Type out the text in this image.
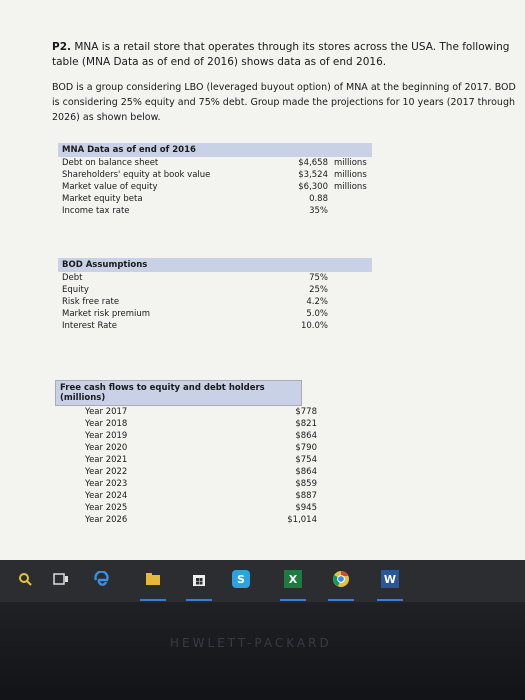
P2. MNA is a retail store that operates through its stores across the USA. The following table (MNA Data as of end of 2016) shows data as of end 2016.
BOD is a group considering LBO (leveraged buyout option) of MNA at the beginning of 2017. BOD is considering 25% equity and 75% debt. Group made the projections for 10 years (2017 through 2026) as shown below.
MNA Data as of end of 2016
Debt on balance sheet	$4,658 millions
Shareholders' equity at book value	$3,524 millions
Market value of equity	$6,300 millions
Market equity beta	0.88
Income tax rate	35%
BOD Assumptions
Debt	75%
Equity	25%
Risk free rate	4.2%
Market risk premium	5.0%
Interest Rate	10.0%
Free cash flows to equity and debt holders (millions)
Year 2017	$778
Year 2018	$821
Year 2019	$864
Year 2020	$790
Year 2021	$754
Year 2022	$864
Year 2023	$859
Year 2024	$887
Year 2025	$945
Year 2026	$1,014
S	X	W
HEWLETT-PACKARD
